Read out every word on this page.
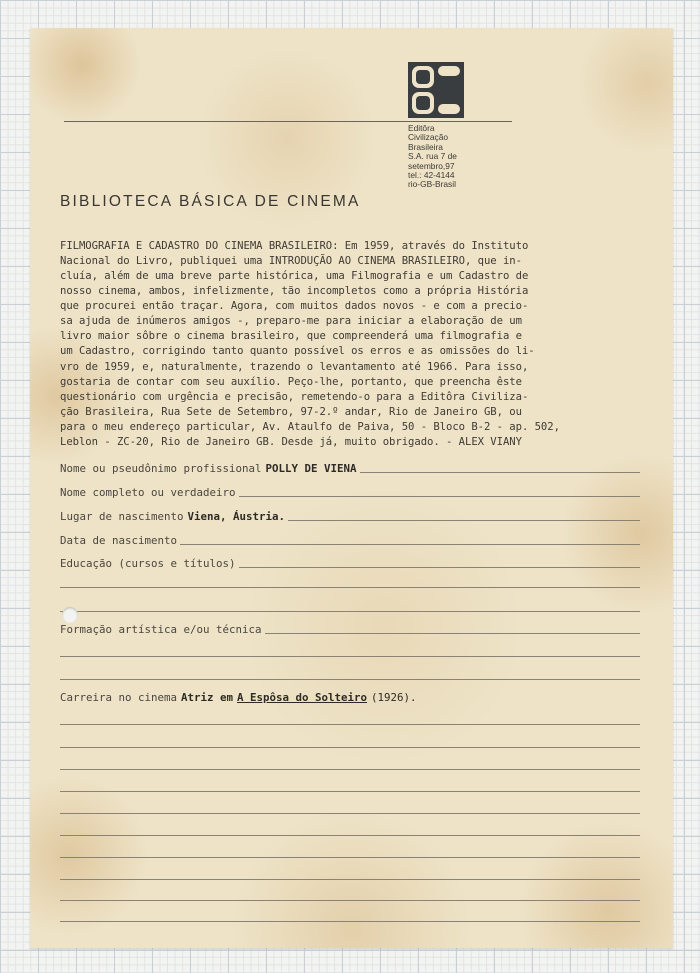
Editôra
Civilização
Brasileira
S.A. rua 7 de
setembro,97
tel.: 42-4144
rio-GB-Brasil
BIBLIOTECA BÁSICA DE CINEMA
FILMOGRAFIA E CADASTRO DO CINEMA BRASILEIRO: Em 1959, através do Instituto
Nacional do Livro, publiquei uma INTRODUÇÃO AO CINEMA BRASILEIRO, que in-
cluía, além de uma breve parte histórica, uma Filmografia e um Cadastro de
nosso cinema, ambos, infelizmente, tão incompletos como a própria História
que procurei então traçar. Agora, com muitos dados novos - e com a precio-
sa ajuda de inúmeros amigos -, preparo-me para iniciar a elaboração de um
livro maior sôbre o cinema brasileiro, que compreenderá uma filmografia e
um Cadastro, corrigindo tanto quanto possível os erros e as omissões do li-
vro de 1959, e, naturalmente, trazendo o levantamento até 1966. Para isso,
gostaria de contar com seu auxílio. Peço-lhe, portanto, que preencha êste
questionário com urgência e precisão, remetendo-o para a Editôra Civiliza-
ção Brasileira, Rua Sete de Setembro, 97-2.º andar, Rio de Janeiro GB, ou
para o meu endereço particular, Av. Ataulfo de Paiva, 50 - Bloco B-2 - ap. 502,
Leblon - ZC-20, Rio de Janeiro GB. Desde já, muito obrigado. - ALEX VIANY
Nome ou pseudônimo profissional POLLY DE VIENA
Nome completo ou verdadeiro
Lugar de nascimento Viena, Áustria.
Data de nascimento
Educação (cursos e títulos)
Formação artística e/ou técnica
Carreira no cinema Atriz em A Espôsa do Solteiro (1926).
